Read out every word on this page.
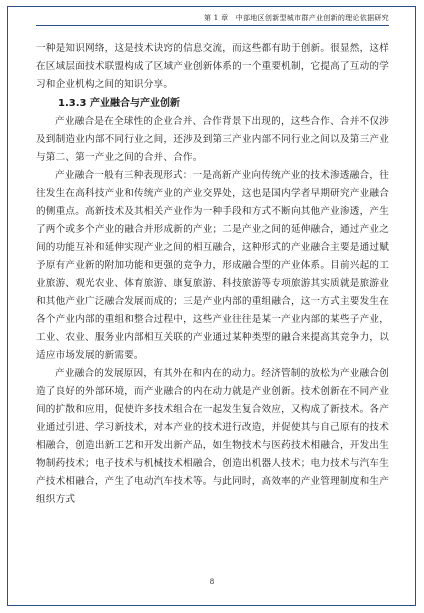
第 1 章　中部地区创新型城市群产业创新的理论依据研究

一种是知识网络，这是技术诀窍的信息交流，而这些都有助于创新。很显然，这样在区域层面技术联盟构成了区域产业创新体系的一个重要机制，它提高了互动的学习和企业机构之间的知识分享。

1.3.3 产业融合与产业创新

产业融合是在全球性的企业合并、合作背景下出现的，这些合作、合并不仅涉及到制造业内部不同行业之间，还涉及到第三产业内部不同行业之间以及第三产业与第二、第一产业之间的合并、合作。

产业融合一般有三种表现形式：一是高新产业向传统产业的技术渗透融合，往往发生在高科技产业和传统产业的产业交界处，这也是国内学者早期研究产业融合的侧重点。高新技术及其相关产业作为一种手段和方式不断向其他产业渗透，产生了两个或多个产业的融合并形成新的产业；二是产业之间的延伸融合，通过产业之间的功能互补和延伸实现产业之间的相互融合，这种形式的产业融合主要是通过赋予原有产业新的附加功能和更强的竞争力，形成融合型的产业体系。目前兴起的工业旅游、观光农业、体育旅游、康复旅游、科技旅游等专项旅游其实质就是旅游业和其他产业广泛融合发展而成的；三是产业内部的重组融合，这一方式主要发生在各个产业内部的重组和整合过程中，这些产业往往是某一产业内部的某些子产业，工业、农业、服务业内部相互关联的产业通过某种类型的融合来提高其竞争力，以适应市场发展的新需要。

产业融合的发展原因，有其外在和内在的动力。经济管制的放松为产业融合创造了良好的外部环境，而产业融合的内在动力就是产业创新。技术创新在不同产业间的扩散和应用，促使许多技术组合在一起发生复合效应，又构成了新技术。各产业通过引进、学习新技术，对本产业的技术进行改造，并促使其与自己原有的技术相融合，创造出新工艺和开发出新产品，如生物技术与医药技术相融合，开发出生物制药技术；电子技术与机械技术相融合，创造出机器人技术；电力技术与汽车生产技术相融合，产生了电动汽车技术等。与此同时，高效率的产业管理制度和生产组织方式

8
